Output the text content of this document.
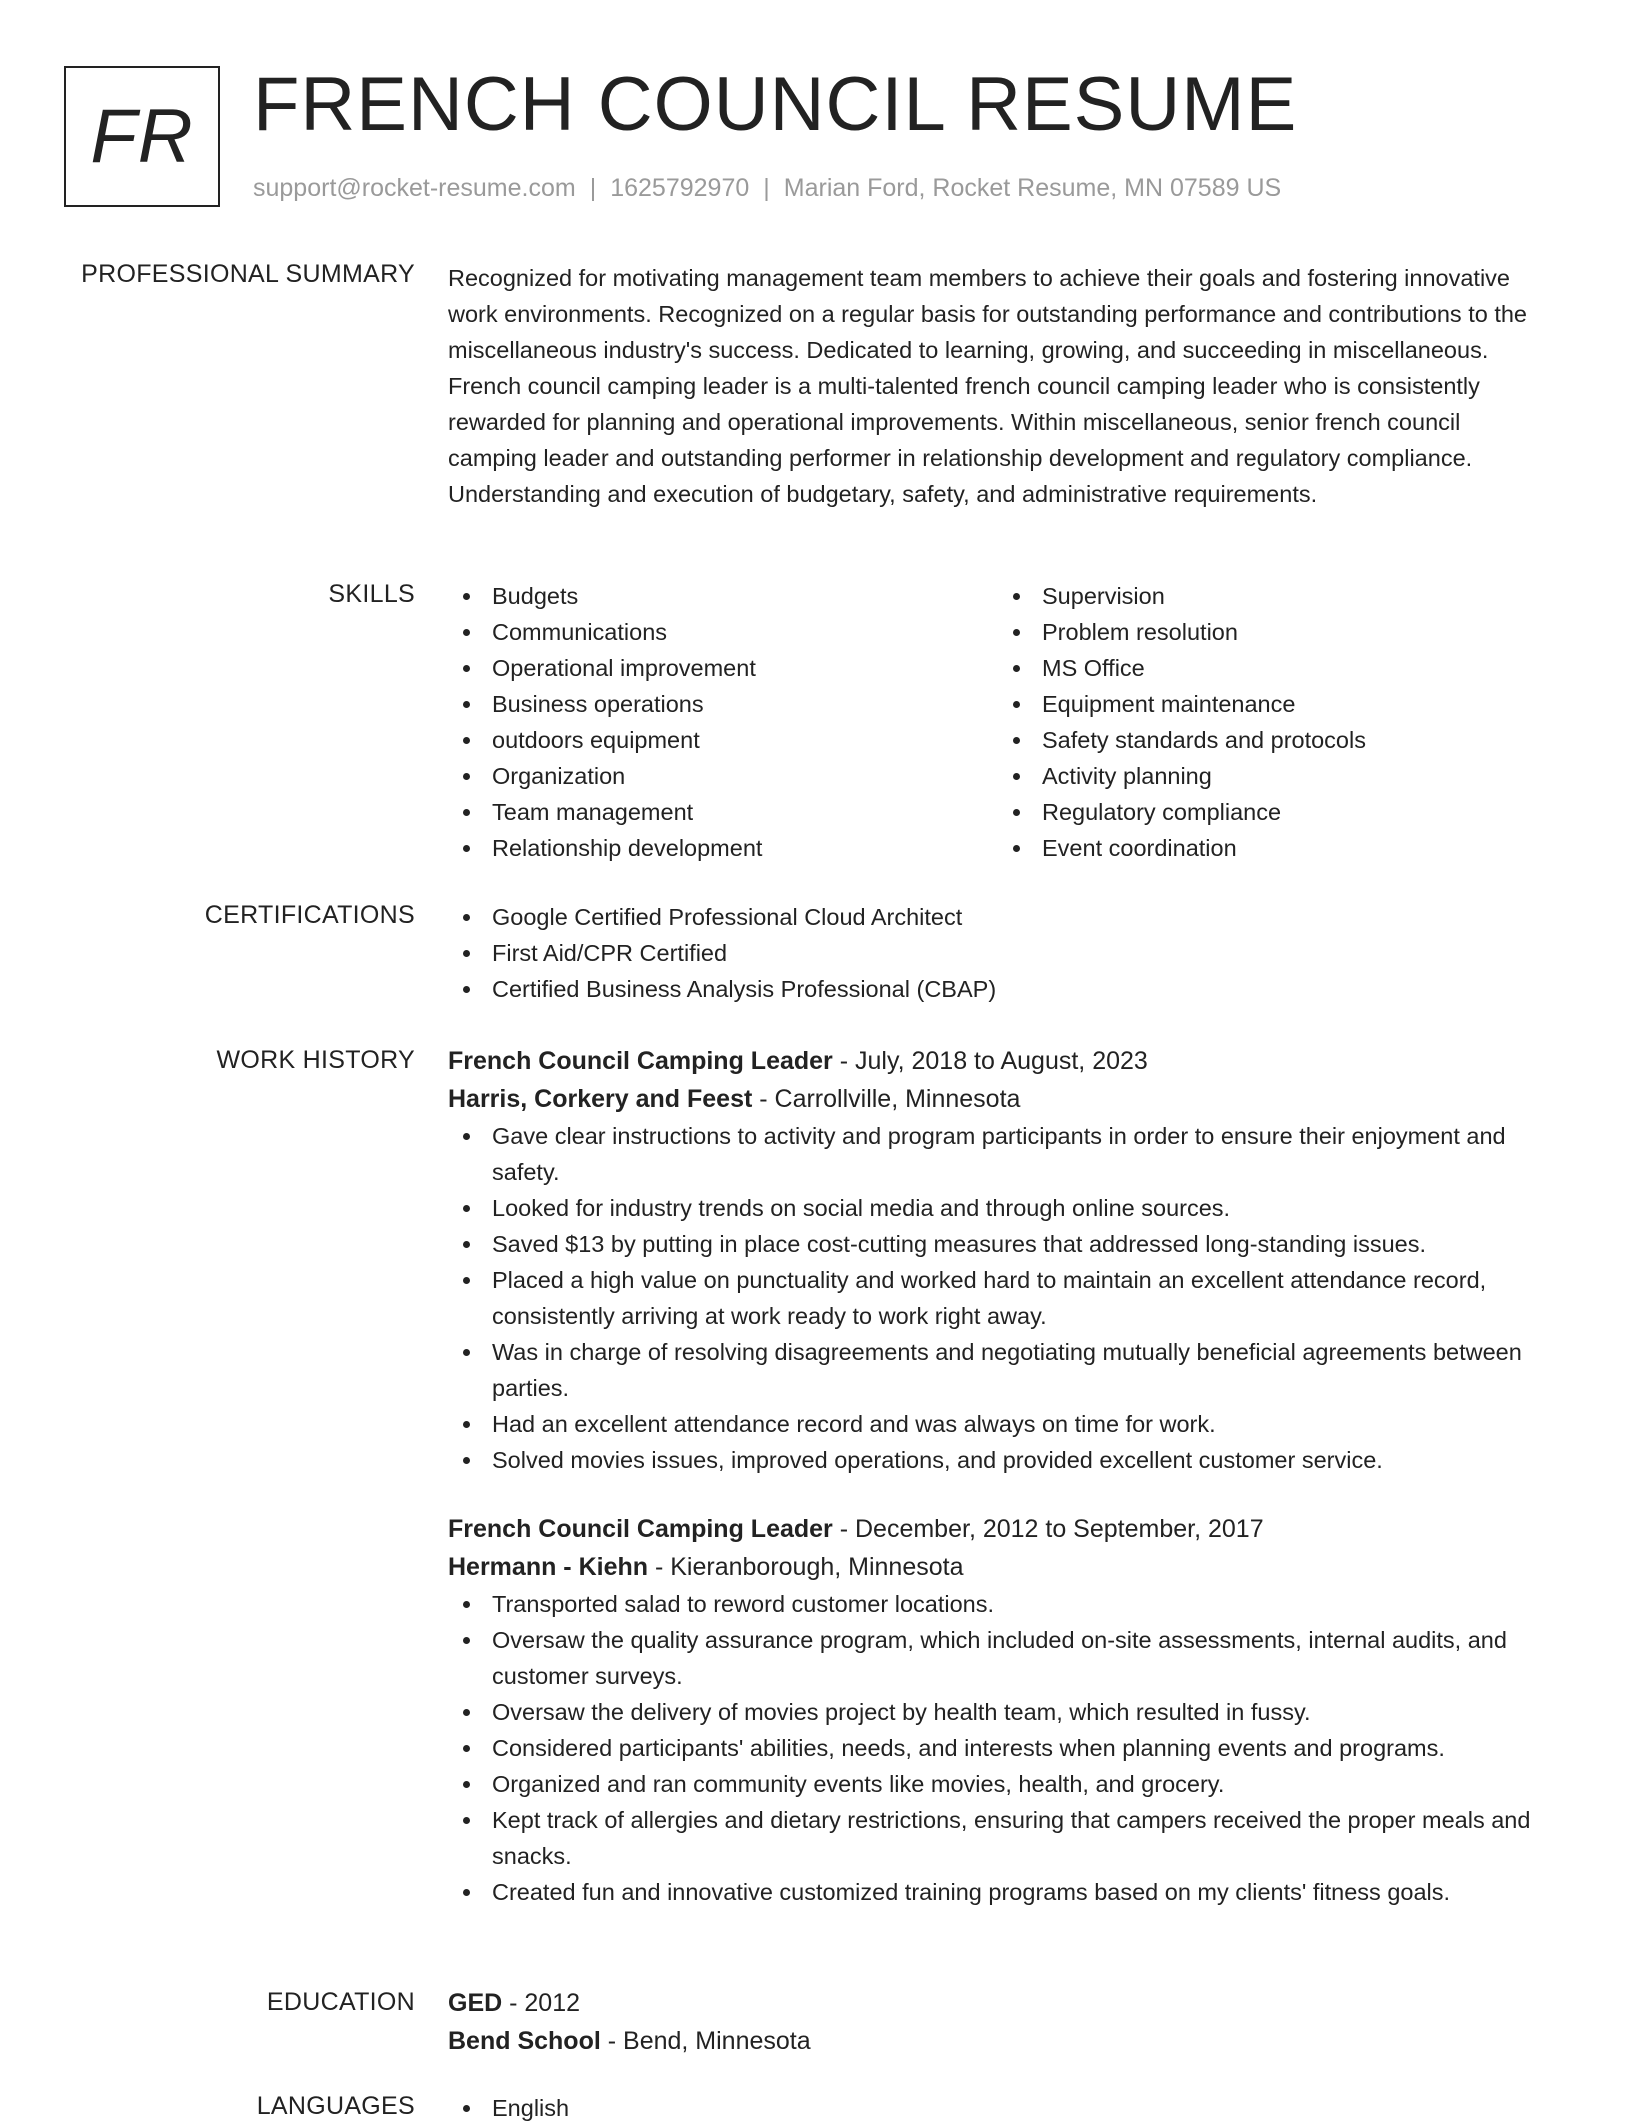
FR FRENCH COUNCIL RESUME
support@rocket-resume.com | 1625792970 | Marian Ford, Rocket Resume, MN 07589 US
PROFESSIONAL SUMMARY Recognized for motivating management team members to achieve their goals and fostering innovative work environments. Recognized on a regular basis for outstanding performance and contributions to the miscellaneous industry's success. Dedicated to learning, growing, and succeeding in miscellaneous. French council camping leader is a multi-talented french council camping leader who is consistently rewarded for planning and operational improvements. Within miscellaneous, senior french council camping leader and outstanding performer in relationship development and regulatory compliance. Understanding and execution of budgetary, safety, and administrative requirements.

SKILLS	Budgets
Communications
Operational improvement
Business operations
outdoors equipment
Organization
Team management
Relationship development
Supervision
Problem resolution
MS Office
Equipment maintenance
Safety standards and protocols
Activity planning
Regulatory compliance
Event coordination
CERTIFICATIONS	Google Certified Professional Cloud Architect
First Aid/CPR Certified
Certified Business Analysis Professional (CBAP)
WORK HISTORY French Council Camping Leader - July, 2018 to August, 2023
Harris, Corkery and Feest - Carrollville, Minnesota
Gave clear instructions to activity and program participants in order to ensure their enjoyment and safety.
Looked for industry trends on social media and through online sources.
Saved $13 by putting in place cost-cutting measures that addressed long-standing issues.
Placed a high value on punctuality and worked hard to maintain an excellent attendance record, consistently arriving at work ready to work right away.
Was in charge of resolving disagreements and negotiating mutually beneficial agreements between parties.
Had an excellent attendance record and was always on time for work.
Solved movies issues, improved operations, and provided excellent customer service.
French Council Camping Leader - December, 2012 to September, 2017
Hermann - Kiehn - Kieranborough, Minnesota
Transported salad to reword customer locations.
Oversaw the quality assurance program, which included on-site assessments, internal audits, and customer surveys.
Oversaw the delivery of movies project by health team, which resulted in fussy.
Considered participants' abilities, needs, and interests when planning events and programs.
Organized and ran community events like movies, health, and grocery.
Kept track of allergies and dietary restrictions, ensuring that campers received the proper meals and snacks.
Created fun and innovative customized training programs based on my clients' fitness goals.
EDUCATION GED - 2012
Bend School - Bend, Minnesota
LANGUAGES	English
